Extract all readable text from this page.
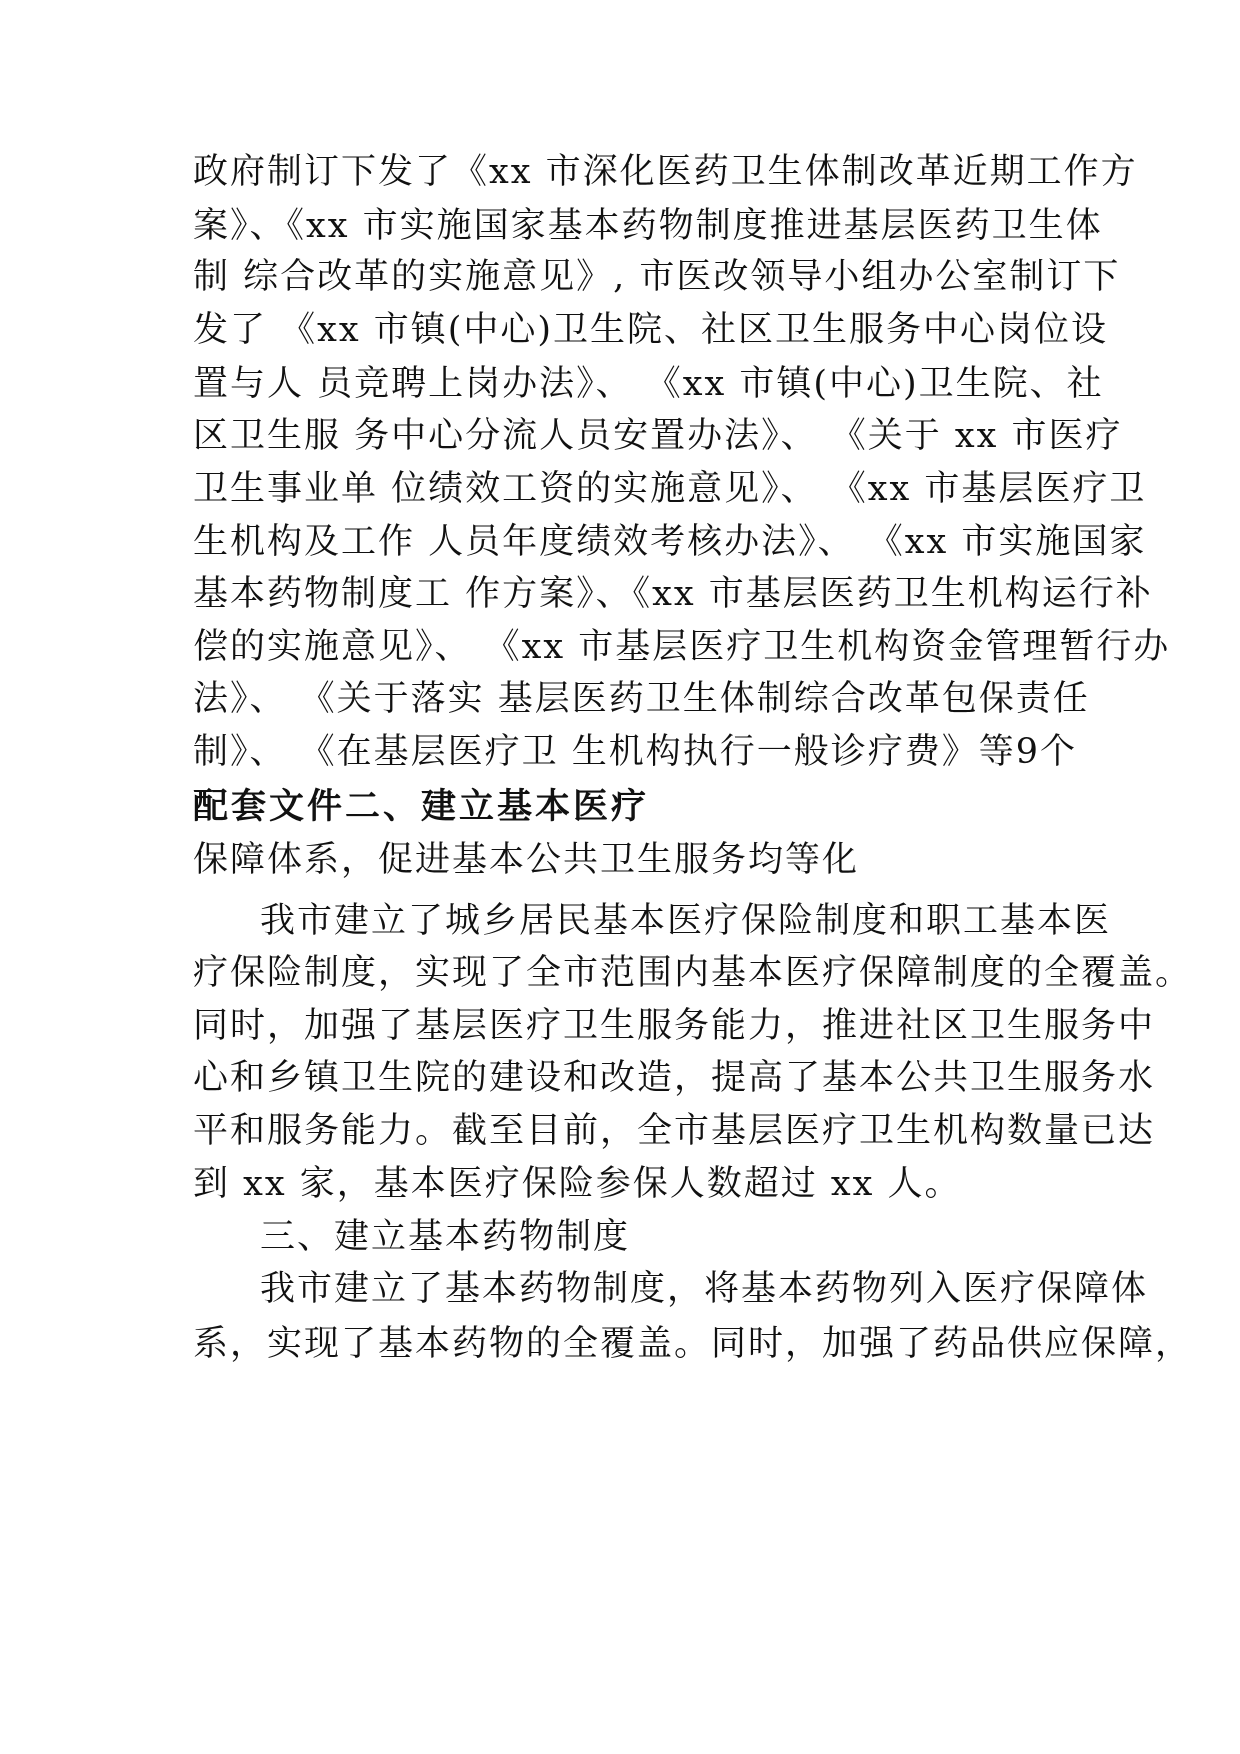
政府制订下发了《xx 市深化医药卫生体制改革近期工作方
案》、《xx 市实施国家基本药物制度推进基层医药卫生体
制 综合改革的实施意见》, 市医改领导小组办公室制订下
发了 《xx 市镇(中心)卫生院、社区卫生服务中心岗位设
置与人 员竞聘上岗办法》、 《xx 市镇(中心)卫生院、社
区卫生服 务中心分流人员安置办法》、 《关于 xx 市医疗
卫生事业单 位绩效工资的实施意见》、 《xx 市基层医疗卫
生机构及工作 人员年度绩效考核办法》、 《xx 市实施国家
基本药物制度工 作方案》、《xx 市基层医药卫生机构运行补
偿的实施意见》、 《xx 市基层医疗卫生机构资金管理暂行办
法》、 《关于落实 基层医药卫生体制综合改革包保责任
制》、 《在基层医疗卫 生机构执行一般诊疗费》等9个
配套文件二、建立基本医疗
保障体系，促进基本公共卫生服务均等化
我市建立了城乡居民基本医疗保险制度和职工基本医
疗保险制度，实现了全市范围内基本医疗保障制度的全覆盖。
同时，加强了基层医疗卫生服务能力，推进社区卫生服务中
心和乡镇卫生院的建设和改造，提高了基本公共卫生服务水
平和服务能力。截至目前，全市基层医疗卫生机构数量已达
到 xx 家，基本医疗保险参保人数超过 xx 人。
三、建立基本药物制度
我市建立了基本药物制度，将基本药物列入医疗保障体
系，实现了基本药物的全覆盖。同时，加强了药品供应保障，
